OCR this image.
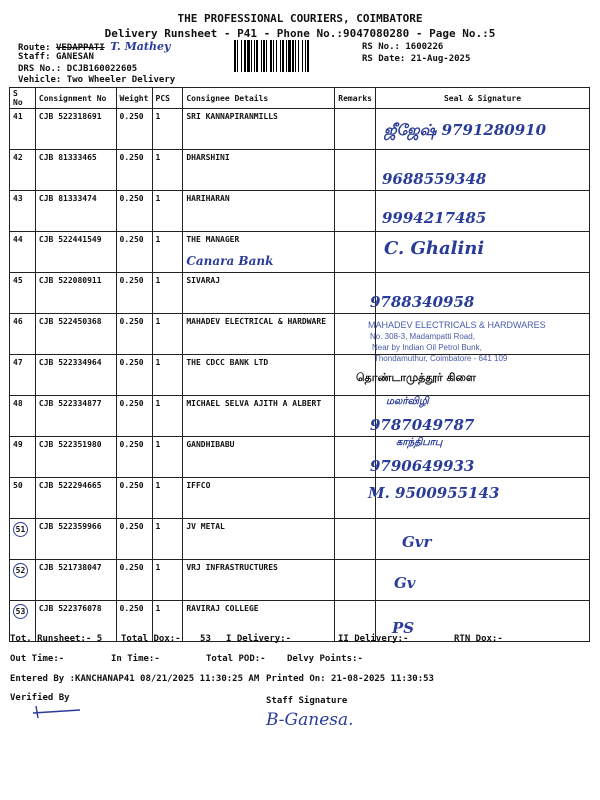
THE PROFESSIONAL COURIERS, COIMBATORE
Delivery Runsheet - P41 - Phone No.:9047080280 - Page No.:5
Route: VEDAPPATI T. Mathey
Staff: GANESAN
DRS No.: DCJB160022605
Vehicle: Two Wheeler Delivery
RS No.: 1600226
RS Date: 21-Aug-2025
S No	Consignment No	Weight	PCS	Consignee Details	Remarks	Seal & Signature
41	CJB 522318691	0.250	1	SRI KANNAPIRANMILLS		ஜீஜேஷ் 9791280910

42	CJB 81333465	0.250	1	DHARSHINI		9688559348

43	CJB 81333474	0.250	1	HARIHARAN		9994217485

44	CJB 522441549	0.250	1	THE MANAGER
Canara Bank		C. Ghalini

45	CJB 522080911	0.250	1	SIVARAJ		9788340958

46	CJB 522450368	0.250	1	MAHADEV ELECTRICAL & HARDWARE		MAHADEV ELECTRICALS & HARDWARES
No. 308-3, Madampatti Road,
Near by Indian Oil Petrol Bunk,
Thondamuthur, Coimbatore - 641 109

47	CJB 522334964	0.250	1	THE CDCC BANK LTD		தொண்டாமுத்தூர் கிளை

48	CJB 522334877	0.250	1	MICHAEL SELVA AJITH A ALBERT		9787049787
மலர்விழி

49	CJB 522351980	0.250	1	GANDHIBABU		9790649933
காந்திபாபு

50	CJB 522294665	0.250	1	IFFCO		M. 9500955143

51	CJB 522359966	0.250	1	JV METAL		Gvr

52	CJB 521738047	0.250	1	VRJ INFRASTRUCTURES		Gv

53	CJB 522376078	0.250	1	RAVIRAJ COLLEGE		PS
Tot. Runsheet:- 5 Total Dox:- 53 I Delivery:-	II Delivery:-	RTN Dox:-
Out Time:-	In Time:-	Total POD:- Delvy Points:-
Entered By :KANCHANAP41 08/21/2025 11:30:25 AM Printed On: 21-08-2025 11:30:53
Verified By	Staff Signature
B-Ganesa.
